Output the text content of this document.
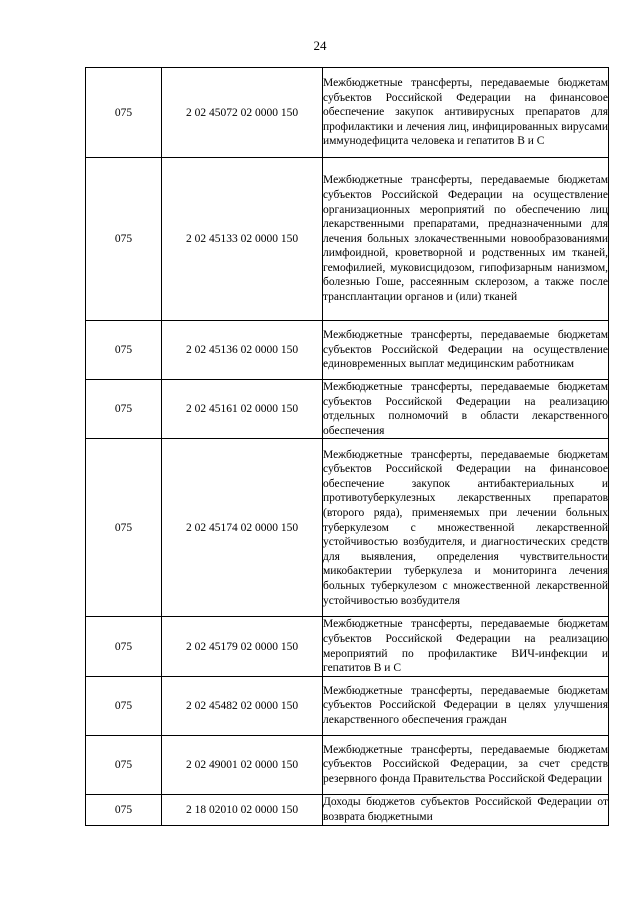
24
075	2 02 45072 02 0000 150	Межбюджетные трансферты, передаваемые бюджетам субъектов Российской Федерации на финансовое обеспечение закупок антивирусных препаратов для профилактики и лечения лиц, инфицированных вирусами иммунодефицита человека и гепатитов B и C
075	2 02 45133 02 0000 150	Межбюджетные трансферты, передаваемые бюджетам субъектов Российской Федерации на осуществление организационных мероприятий по обеспечению лиц лекарственными препаратами, предназначенными для лечения больных злокачественными новообразованиями лимфоидной, кроветворной и родственных им тканей, гемофилией, муковисцидозом, гипофизарным нанизмом, болезнью Гоше, рассеянным склерозом, а также после трансплантации органов и (или) тканей
075	2 02 45136 02 0000 150	Межбюджетные трансферты, передаваемые бюджетам субъектов Российской Федерации на осуществление единовременных выплат медицинским работникам
075	2 02 45161 02 0000 150	Межбюджетные трансферты, передаваемые бюджетам субъектов Российской Федерации на реализацию отдельных полномочий в области лекарственного обеспечения
075	2 02 45174 02 0000 150	Межбюджетные трансферты, передаваемые бюджетам субъектов Российской Федерации на финансовое обеспечение закупок антибактериальных и противотуберкулезных лекарственных препаратов (второго ряда), применяемых при лечении больных туберкулезом с множественной лекарственной устойчивостью возбудителя, и диагностических средств для выявления, определения чувствительности микобактерии туберкулеза и мониторинга лечения больных туберкулезом с множественной лекарственной устойчивостью возбудителя
075	2 02 45179 02 0000 150	Межбюджетные трансферты, передаваемые бюджетам субъектов Российской Федерации на реализацию мероприятий по профилактике ВИЧ-инфекции и гепатитов B и C
075	2 02 45482 02 0000 150	Межбюджетные трансферты, передаваемые бюджетам субъектов Российской Федерации в целях улучшения лекарственного обеспечения граждан
075	2 02 49001 02 0000 150	Межбюджетные трансферты, передаваемые бюджетам субъектов Российской Федерации, за счет средств резервного фонда Правительства Российской Федерации
075	2 18 02010 02 0000 150	Доходы бюджетов субъектов Российской Федерации от возврата бюджетными
